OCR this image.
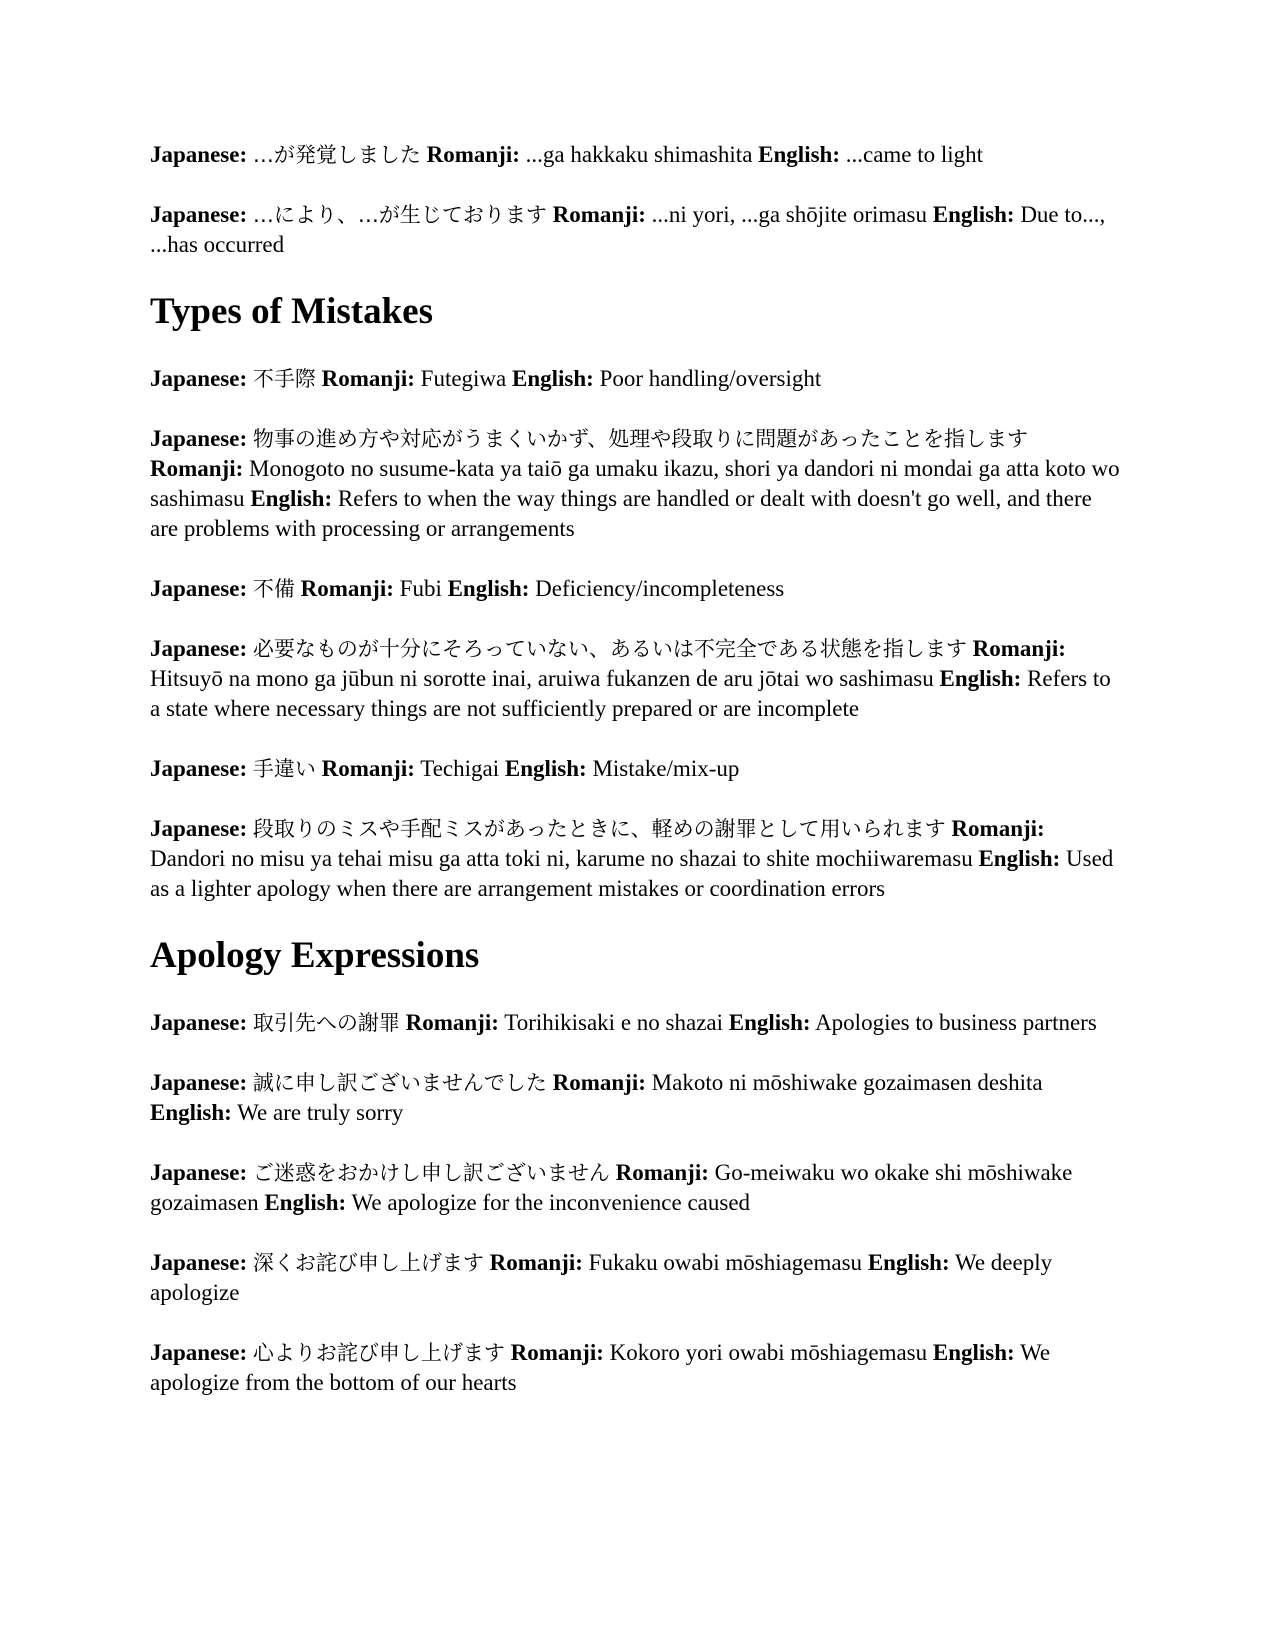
Japanese: …が発覚しました Romanji: ...ga hakkaku shimashita English: ...came to light

Japanese: …により、…が生じております Romanji: ...ni yori, ...ga shōjite orimasu English: Due to..., ...has occurred

Types of Mistakes

Japanese: 不手際 Romanji: Futegiwa English: Poor handling/oversight

Japanese: 物事の進め方や対応がうまくいかず、処理や段取りに問題があったことを指します Romanji: Monogoto no susume-kata ya taiō ga umaku ikazu, shori ya dandori ni mondai ga atta koto wo sashimasu English: Refers to when the way things are handled or dealt with doesn't go well, and there are problems with processing or arrangements

Japanese: 不備 Romanji: Fubi English: Deficiency/incompleteness

Japanese: 必要なものが十分にそろっていない、あるいは不完全である状態を指します Romanji: Hitsuyō na mono ga jūbun ni sorotte inai, aruiwa fukanzen de aru jōtai wo sashimasu English: Refers to a state where necessary things are not sufficiently prepared or are incomplete

Japanese: 手違い Romanji: Techigai English: Mistake/mix-up

Japanese: 段取りのミスや手配ミスがあったときに、軽めの謝罪として用いられます Romanji: Dandori no misu ya tehai misu ga atta toki ni, karume no shazai to shite mochiiwaremasu English: Used as a lighter apology when there are arrangement mistakes or coordination errors

Apology Expressions

Japanese: 取引先への謝罪 Romanji: Torihikisaki e no shazai English: Apologies to business partners

Japanese: 誠に申し訳ございませんでした Romanji: Makoto ni mōshiwake gozaimasen deshita English: We are truly sorry

Japanese: ご迷惑をおかけし申し訳ございません Romanji: Go-meiwaku wo okake shi mōshiwake gozaimasen English: We apologize for the inconvenience caused

Japanese: 深くお詫び申し上げます Romanji: Fukaku owabi mōshiagemasu English: We deeply apologize

Japanese: 心よりお詫び申し上げます Romanji: Kokoro yori owabi mōshiagemasu English: We apologize from the bottom of our hearts
